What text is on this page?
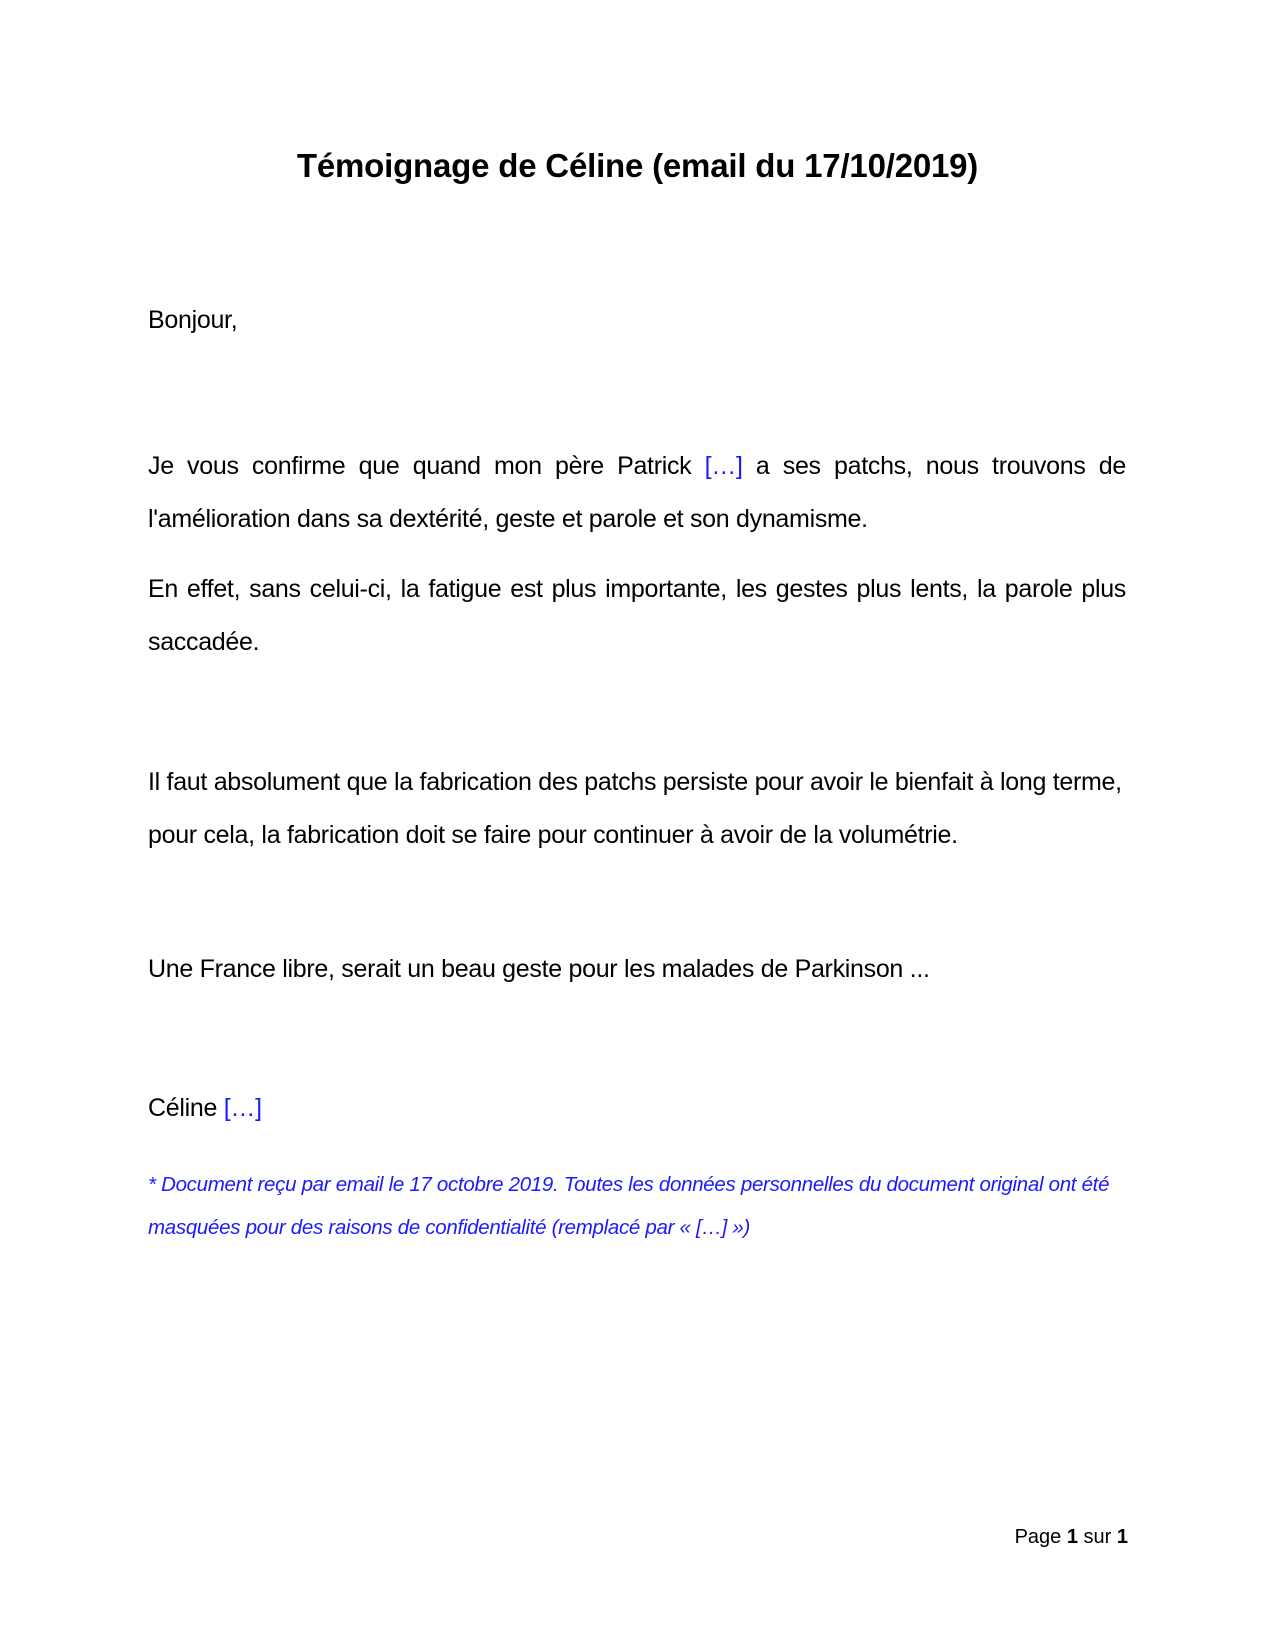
Témoignage de Céline (email du 17/10/2019)
Bonjour,
Je vous confirme que quand mon père Patrick […] a ses patchs, nous trouvons de l'amélioration dans sa dextérité, geste et parole et son dynamisme.
En effet, sans celui-ci, la fatigue est plus importante, les gestes plus lents, la parole plus saccadée.
Il faut absolument que la fabrication des patchs persiste pour avoir le bienfait à long terme, pour cela, la fabrication doit se faire pour continuer à avoir de la volumétrie.
Une France libre, serait un beau geste pour les malades de Parkinson ...
Céline […]
* Document reçu par email le 17 octobre 2019. Toutes les données personnelles du document original ont été masquées pour des raisons de confidentialité (remplacé par « […] »)
Page 1 sur 1
